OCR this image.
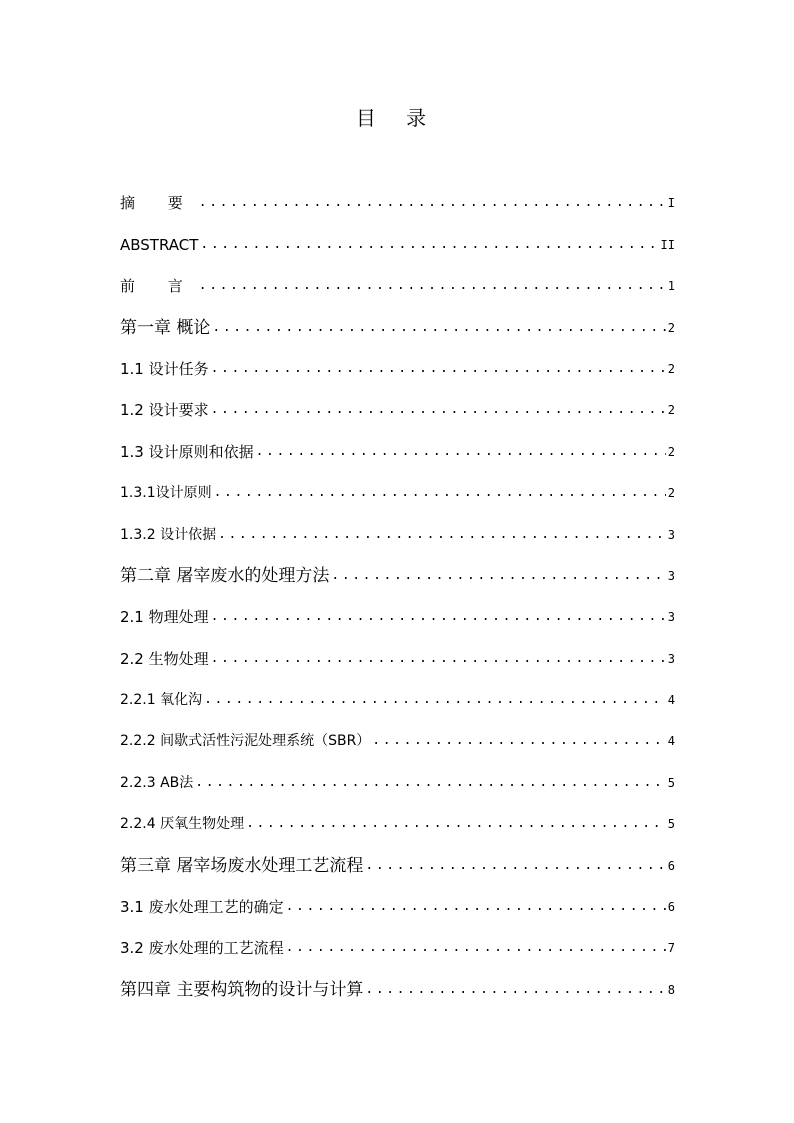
目 录
摘 要 .....	I
ABSTRACT .....	II
前 言 .....	1
第一章 概论 .....	2
1.1 设计任务 .....	2
1.2 设计要求 .....	2
1.3 设计原则和依据 .....	2
1.3.1设计原则 .....	2
1.3.2 设计依据 .....	3
第二章 屠宰废水的处理方法 .....	3
2.1 物理处理 .....	3
2.2 生物处理 .....	3
2.2.1 氧化沟 .....	4
2.2.2 间歇式活性污泥处理系统（SBR） .....	4
2.2.3 AB法 .....	5
2.2.4 厌氧生物处理 .....	5
第三章 屠宰场废水处理工艺流程 .....	6
3.1 废水处理工艺的确定 .....	6
3.2 废水处理的工艺流程 .....	7
第四章 主要构筑物的设计与计算 .....	8
